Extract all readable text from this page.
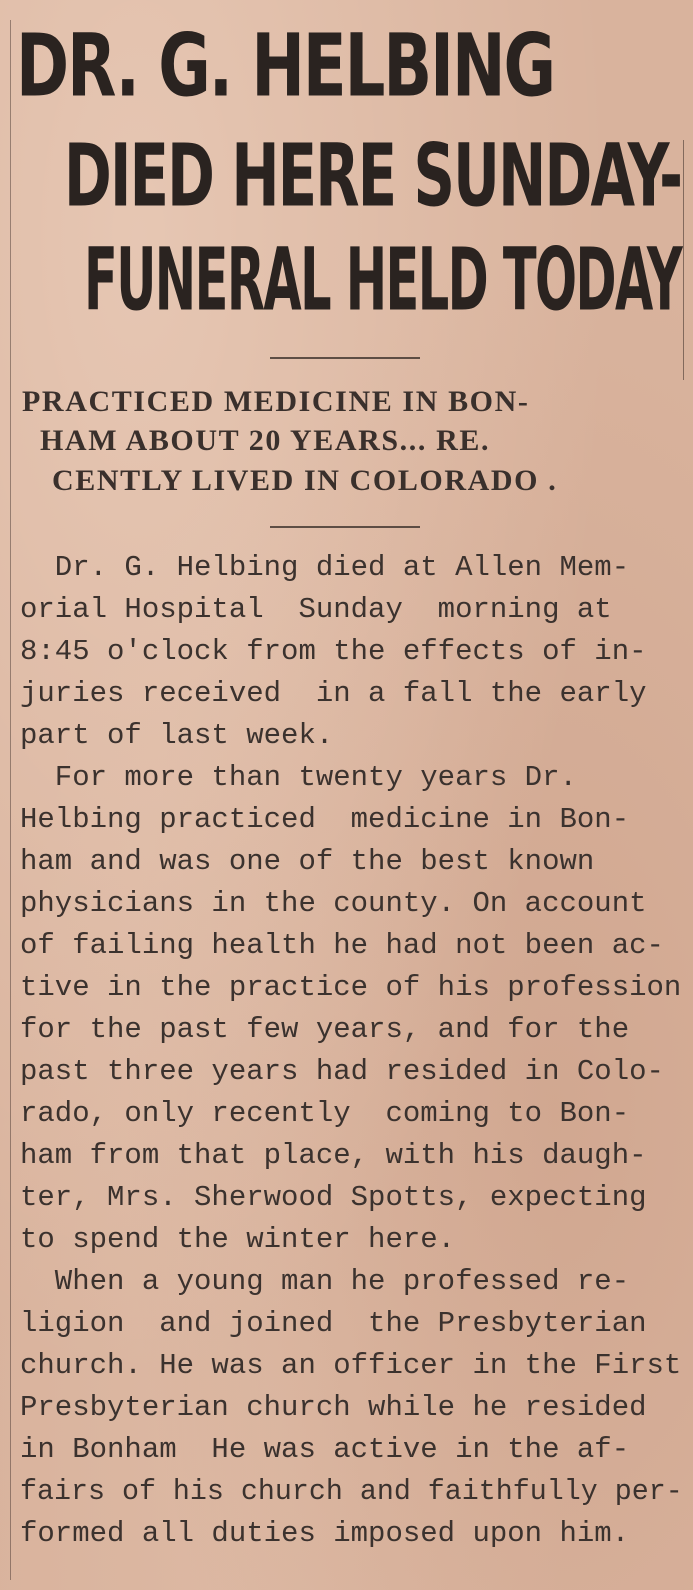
DR. G. HELBING
DIED HERE SUNDAY-
FUNERAL HELD TODAY
PRACTICED MEDICINE IN BON-
HAM ABOUT 20 YEARS... RE.
CENTLY LIVED IN COLORADO .
Dr. G. Helbing died at Allen Mem-
orial Hospital  Sunday  morning at
8:45 o'clock from the effects of in-
juries received  in a fall the early
part of last week.
For more than twenty years Dr.
Helbing practiced  medicine in Bon-
ham and was one of the best known
physicians in the county. On account
of failing health he had not been ac-
tive in the practice of his profession
for the past few years, and for the
past three years had resided in Colo-
rado, only recently  coming to Bon-
ham from that place, with his daugh-
ter, Mrs. Sherwood Spotts, expecting
to spend the winter here.
When a young man he professed re-
ligion  and joined  the Presbyterian
church. He was an officer in the First
Presbyterian church while he resided
in Bonham  He was active in the af-
fairs of his church and faithfully per-
formed all duties imposed upon him.
